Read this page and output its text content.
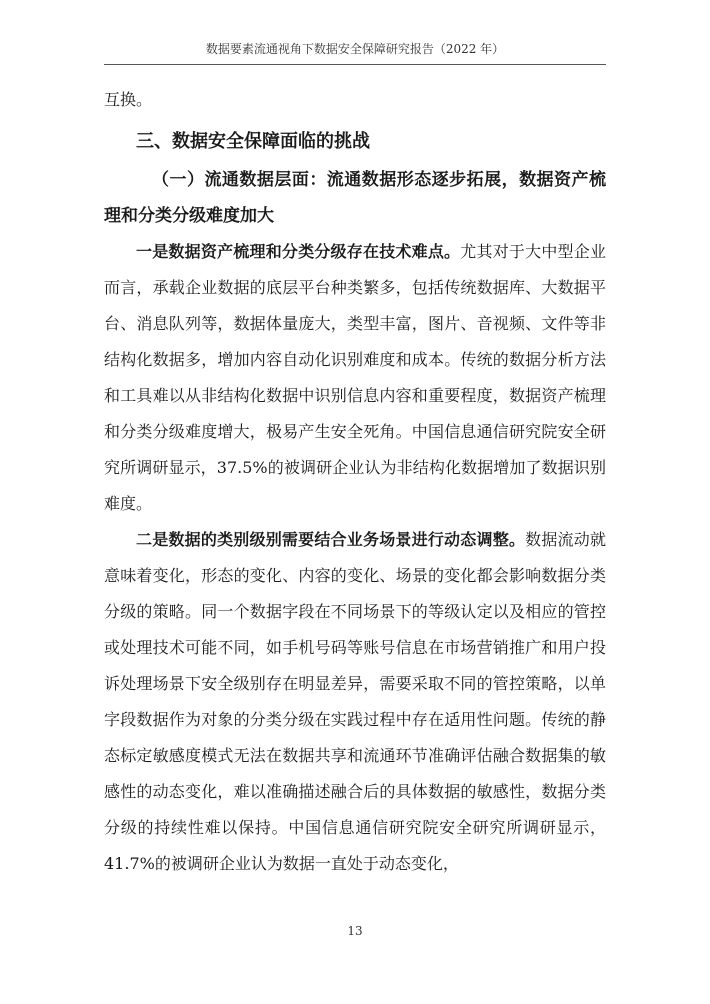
数据要素流通视角下数据安全保障研究报告（2022 年）

互换。

三、数据安全保障面临的挑战
（一）流通数据层面：流通数据形态逐步拓展，数据资产梳理和分类分级难度加大

一是数据资产梳理和分类分级存在技术难点。尤其对于大中型企业而言，承载企业数据的底层平台种类繁多，包括传统数据库、大数据平台、消息队列等，数据体量庞大，类型丰富，图片、音视频、文件等非结构化数据多，增加内容自动化识别难度和成本。传统的数据分析方法和工具难以从非结构化数据中识别信息内容和重要程度，数据资产梳理和分类分级难度增大，极易产生安全死角。中国信息通信研究院安全研究所调研显示，37.5%的被调研企业认为非结构化数据增加了数据识别难度。

二是数据的类别级别需要结合业务场景进行动态调整。数据流动就意味着变化，形态的变化、内容的变化、场景的变化都会影响数据分类分级的策略。同一个数据字段在不同场景下的等级认定以及相应的管控或处理技术可能不同，如手机号码等账号信息在市场营销推广和用户投诉处理场景下安全级别存在明显差异，需要采取不同的管控策略，以单字段数据作为对象的分类分级在实践过程中存在适用性问题。传统的静态标定敏感度模式无法在数据共享和流通环节准确评估融合数据集的敏感性的动态变化，难以准确描述融合后的具体数据的敏感性，数据分类分级的持续性难以保持。中国信息通信研究院安全研究所调研显示，41.7%的被调研企业认为数据一直处于动态变化，

13
